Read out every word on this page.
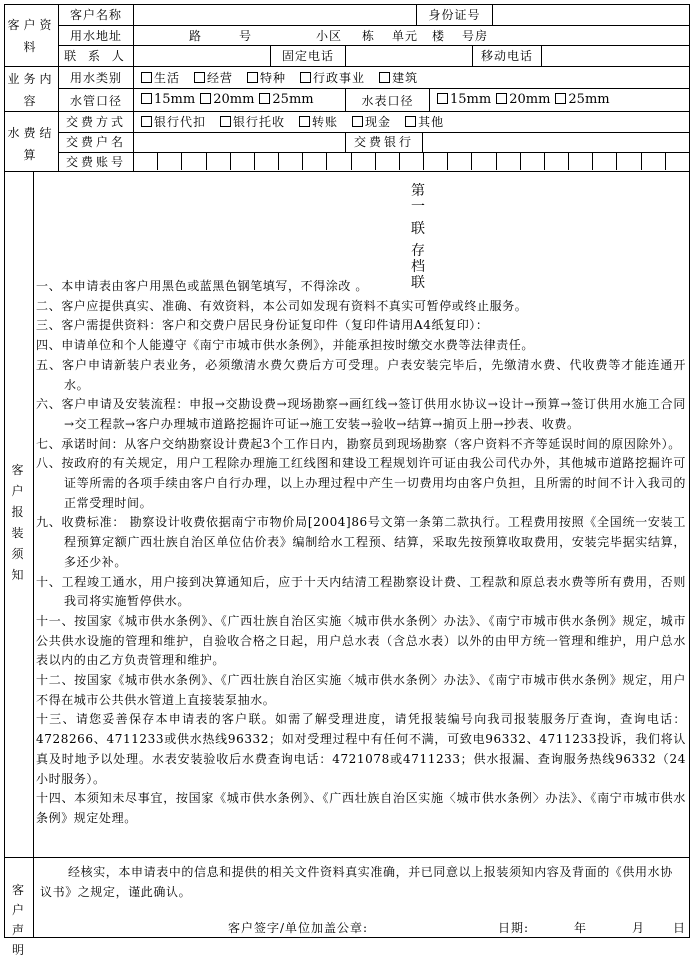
客户资料
业务内容
水费结算
客
户
报
装
须
知
客户声明
客户名称	身份证号
用水地址	路	号	小区 栋 单元 楼 号房
联 系 人	固定电话	移动电话
用水类别	生活 经营 特种 行政事业 建筑
水管口径	15mm 20mm 25mm	水表口径	15mm 20mm 25mm
交费方式	银行代扣 银行托收 转账 现金 其他
交费户名	交费银行
交费账号
第
一
联
存
档
联

一、本申请表由客户用黑色或蓝黑色钢笔填写，不得涂改 。

二、客户应提供真实、准确、有效资料，本公司如发现有资料不真实可暂停或终止服务。

三、客户需提供资料：客户和交费户居民身份证复印件（复印件请用A4纸复印）：

四、申请单位和个人能遵守《南宁市城市供水条例》，并能承担按时缴交水费等法律责任。

五、客户申请新装户表业务，必须缴清水费欠费后方可受理。户表安装完毕后，先缴清水费、代收费等才能连通开水。

六、客户申请及安装流程：申报→交勘设费→现场勘察→画红线→签订供用水协议→设计→预算→签订供用水施工合同→交工程款→客户办理城市道路挖掘许可证→施工安装→验收→结算→掮页上册→抄表、收费。

七、承诺时间：从客户交纳勘察设计费起3个工作日内，勘察员到现场勘察（客户资料不齐等延误时间的原因除外）。

八、按政府的有关规定，用户工程除办理施工红线图和建设工程规划许可证由我公司代办外，其他城市道路挖掘许可证等所需的各项手续由客户自行办理，以上办理过程中产生一切费用均由客户负担，且所需的时间不计入我司的正常受理时间。

九、收费标准： 勘察设计收费依据南宁市物价局[2004]86号文第一条第二款执行。工程费用按照《全国统一安装工程预算定额广西壮族自治区单位估价表》编制给水工程预、结算，采取先按预算收取费用，安装完毕据实结算，多还少补。

十、工程竣工通水，用户接到决算通知后，应于十天内结清工程勘察设计费、工程款和原总表水费等所有费用，否则我司将实施暂停供水。

十一、按国家《城市供水条例》、《广西壮族自治区实施〈城市供水条例〉办法》、《南宁市城市供水条例》规定，城市公共供水设施的管理和维护，自验收合格之日起，用户总水表（含总水表）以外的由甲方统一管理和维护，用户总水表以内的由乙方负责管理和维护。

十二、按国家《城市供水条例》、《广西壮族自治区实施〈城市供水条例〉办法》、《南宁市城市供水条例》规定，用户不得在城市公共供水管道上直接装泵抽水。

十三、请您妥善保存本申请表的客户联。如需了解受理进度，请凭报装编号向我司报装服务厅查询，查询电话：4728266、4711233或供水热线96332；如对受理过程中有任何不满，可致电96332、4711233投诉，我们将认真及时地予以处理。水表安装验收后水费查询电话：4721078或4711233；供水报漏、查询服务热线96332（24小时服务）。

十四、本须知未尽事宜，按国家《城市供水条例》、《广西壮族自治区实施〈城市供水条例〉办法》、《南宁市城市供水条例》规定处理。

经核实，本申请表中的信息和提供的相关文件资料真实准确，并已同意以上报装须知内容及背面的《供用水协议书》之规定，谨此确认。
客户签字/单位加盖公章:	日期:	年	月 日
